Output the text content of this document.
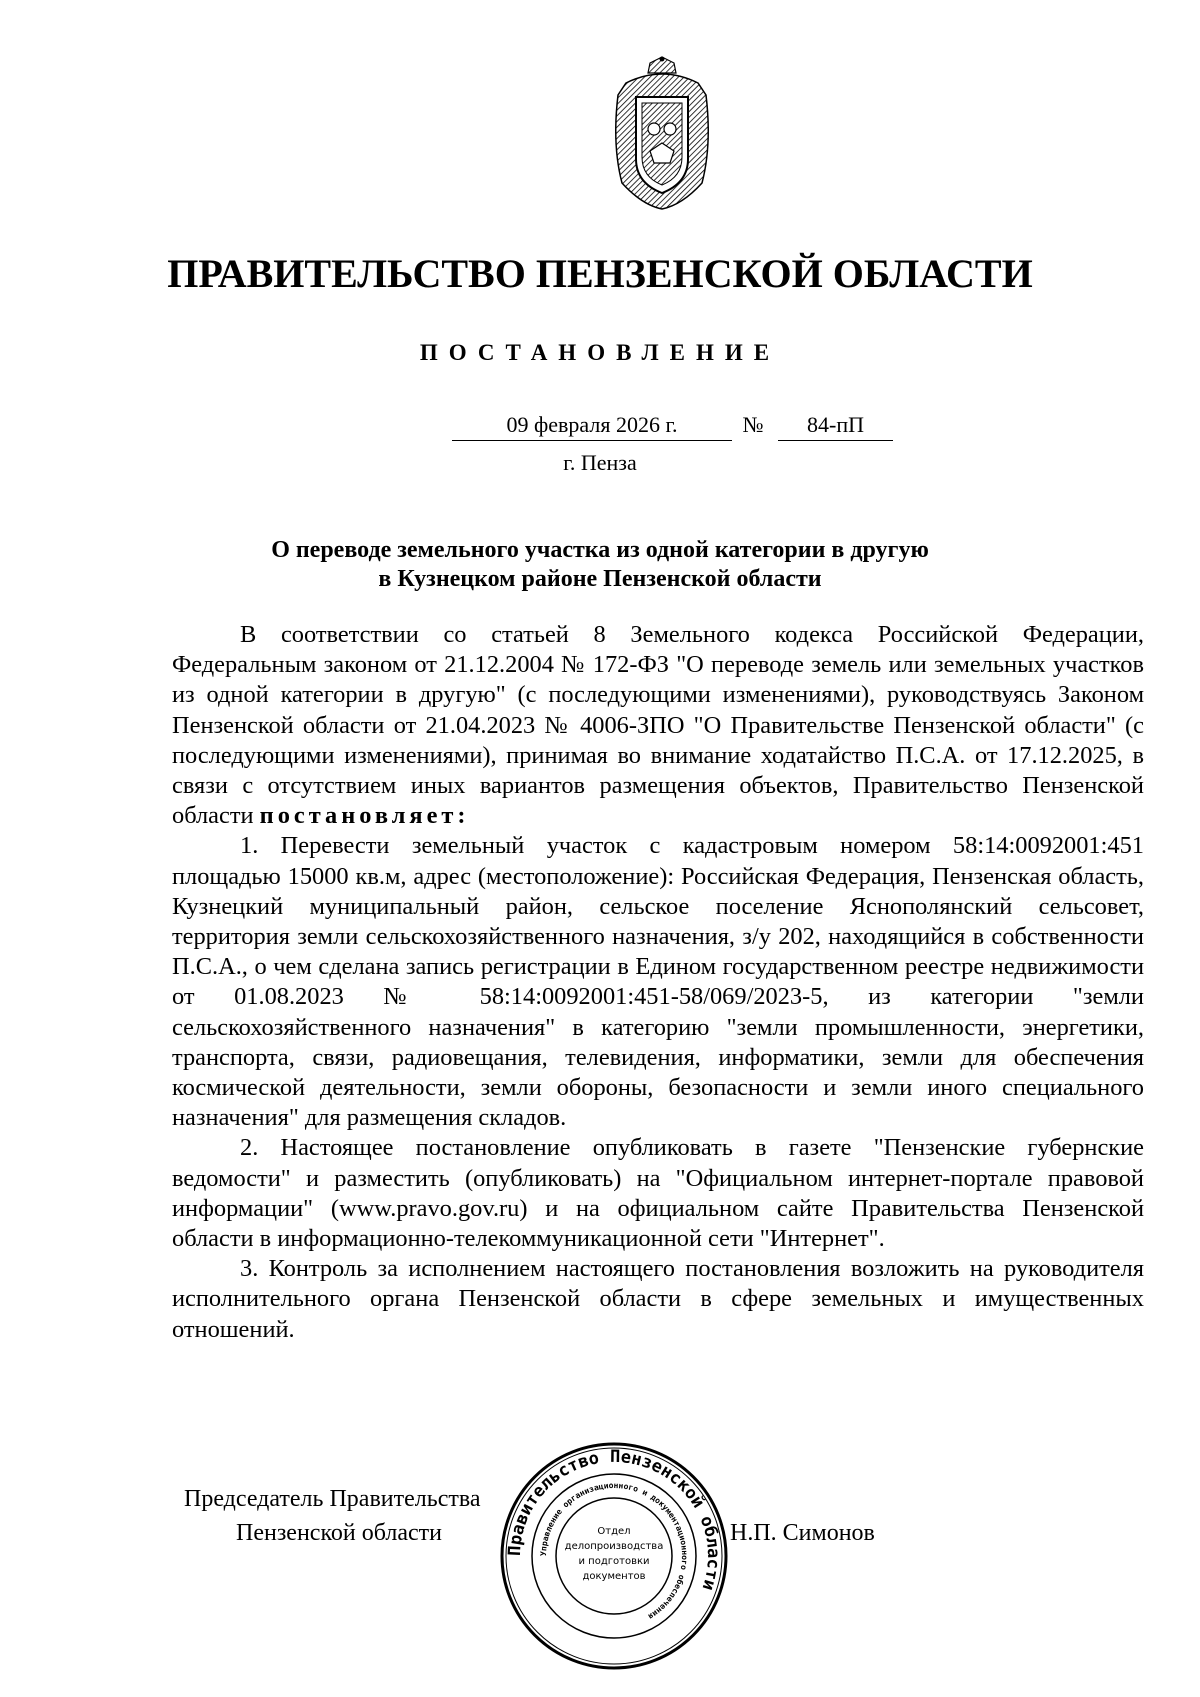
ПРАВИТЕЛЬСТВО ПЕНЗЕНСКОЙ ОБЛАСТИ
ПОСТАНОВЛЕНИЕ
09 февраля 2026 г.	№	84-пП
г. Пенза
О переводе земельного участка из одной категории в другую
в Кузнецком районе Пензенской области

В соответствии со статьей 8 Земельного кодекса Российской Федерации, Федеральным законом от 21.12.2004 № 172-ФЗ "О переводе земель или земельных участков из одной категории в другую" (с последующими изменениями), руководствуясь Законом Пензенской области от 21.04.2023 № 4006-ЗПО "О Правительстве Пензенской области" (с последующими изменениями), принимая во внимание ходатайство П.С.А. от 17.12.2025, в связи с отсутствием иных вариантов размещения объектов, Правительство Пензенской области постановляет:

1. Перевести земельный участок с кадастровым номером 58:14:0092001:451 площадью 15000 кв.м, адрес (местоположение): Российская Федерация, Пензенская область, Кузнецкий муниципальный район, сельское поселение Яснополянский сельсовет, территория земли сельскохозяйственного назначения, з/у 202, находящийся в собственности П.С.А., о чем сделана запись регистрации в Едином государственном реестре недвижимости от 01.08.2023 № 58:14:0092001:451-58/069/2023-5, из категории "земли сельскохозяйственного назначения" в категорию "земли промышленности, энергетики, транспорта, связи, радиовещания, телевидения, информатики, земли для обеспечения космической деятельности, земли обороны, безопасности и земли иного специального назначения" для размещения складов.

2. Настоящее постановление опубликовать в газете "Пензенские губернские ведомости" и разместить (опубликовать) на "Официальном интернет-портале правовой информации" (www.pravo.gov.ru) и на официальном сайте Правительства Пензенской области в информационно-телекоммуникационной сети "Интернет".

3. Контроль за исполнением настоящего постановления возложить на руководителя исполнительного органа Пензенской области в сфере земельных и имущественных отношений.

Председатель Правительства
Пензенской области	Н.П. Симонов
Правительство Пензенской области
Управление организационного и документационного обеспечения
Отдел
делопроизводства
и подготовки
документов
